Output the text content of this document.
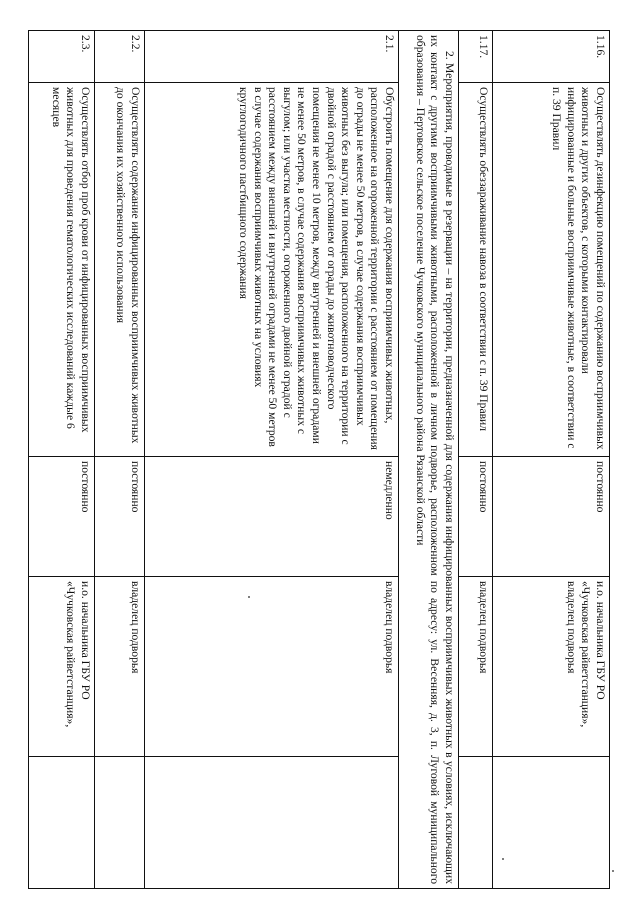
1.16.	Осуществлять дезинфекцию помещений по содержанию восприимчивых животных и других объектов, с которыми контактировали инфицированные и больные восприимчивые животные, в соответствии с п. 39 Правил	постоянно	и.о. начальника ГБУ РО «Чучковская райветстанция», владелец подворья	
1.17.	Осуществлять обеззараживание навоза в соответствии с п. 39 Правил	постоянно	владелец подворья	
2. Мероприятия, проводимые в резервации – на территории, предназначенной для содержания инфицированных восприимчивых животных в условиях, исключающих их контакт с другими восприимчивыми животными, расположенной в личном подворье, расположенном по адресу: ул. Весенняя, д. 3, п. Луговой муниципального образования – Пертовское сельское поселение Чучковского муниципального района Рязанской области				
2.1.	Обустроить помещение для содержания восприимчивых животных, расположенное на огороженной территории с расстоянием от помещения до ограды не менее 50 метров, в случае содержания восприимчивых животных без выгула; или помещения, расположенного на территории с двойной оградой с расстоянием от ограды до животноводческого помещения не менее 10 метров, между внутренней и внешней оградами не менее 50 метров, в случае содержания восприимчивых животных с выгулом; или участка местности, огороженного двойной оградой с расстоянием между внешней и внутренней оградами не менее 50 метров в случае содержания восприимчивых животных на условиях круглогодичного пастбищного содержания	немедленно	владелец подворья	
2.2.	Осуществлять содержание инфицированных восприимчивых животных до окончания их хозяйственного использования	постоянно	владелец подворья	
2.3.	Осуществлять отбор проб крови от инфицированных восприимчивых животных для проведения гематологических исследований каждые 6 месяцев	постоянно	и.о. начальника ГБУ РО «Чучковская райветстанция»,	
